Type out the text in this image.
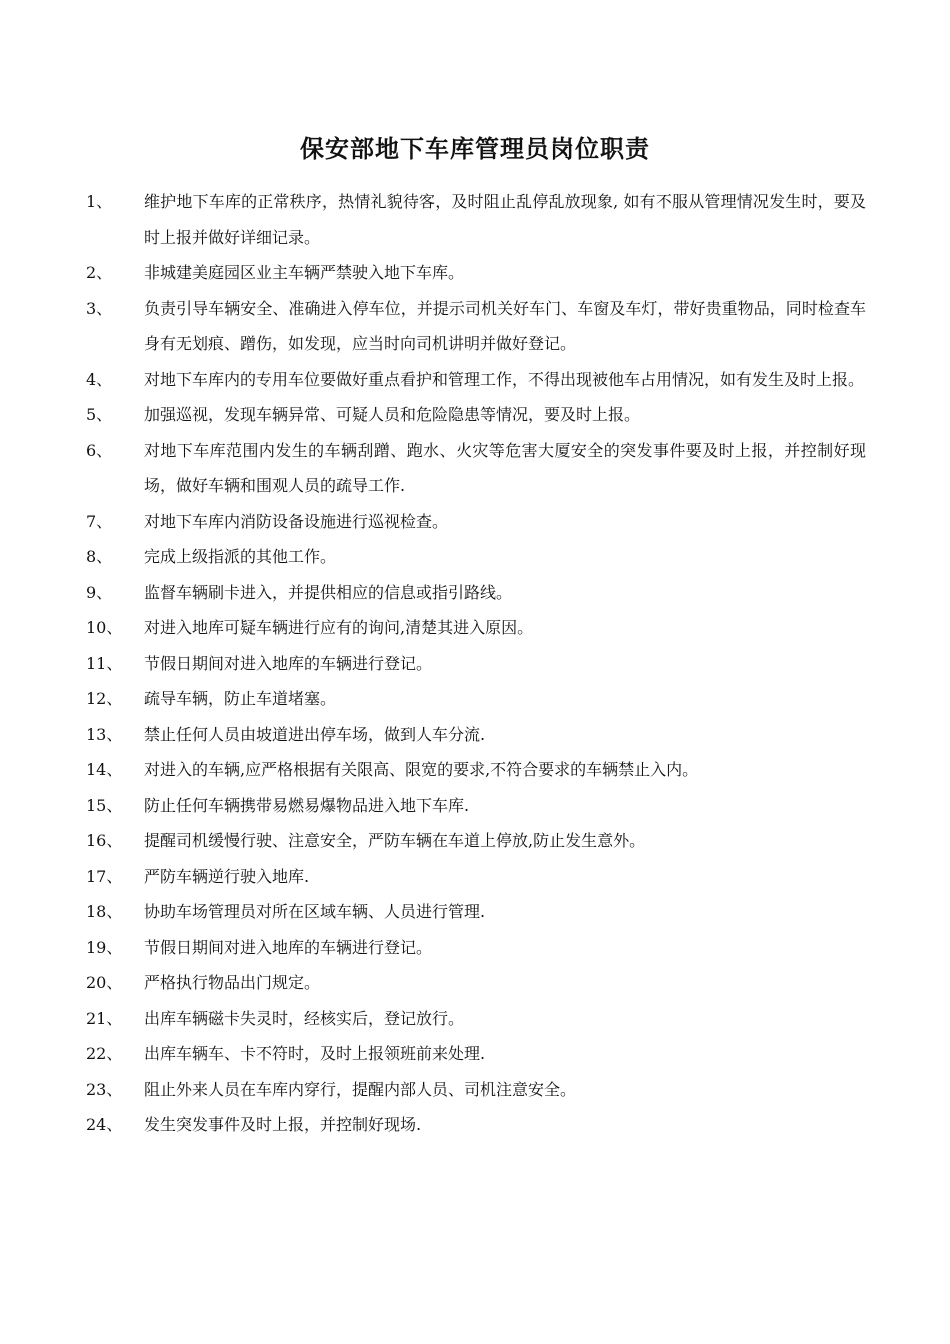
保安部地下车库管理员岗位职责
1、	维护地下车库的正常秩序，热情礼貌待客，及时阻止乱停乱放现象, 如有不服从管理情况发生时，要及时上报并做好详细记录。
2、	非城建美庭园区业主车辆严禁驶入地下车库。
3、	负责引导车辆安全、准确进入停车位，并提示司机关好车门、车窗及车灯，带好贵重物品，同时检查车身有无划痕、蹭伤，如发现，应当时向司机讲明并做好登记。
4、	对地下车库内的专用车位要做好重点看护和管理工作，不得出现被他车占用情况，如有发生及时上报。
5、	加强巡视，发现车辆异常、可疑人员和危险隐患等情况，要及时上报。
6、	对地下车库范围内发生的车辆刮蹭、跑水、火灾等危害大厦安全的突发事件要及时上报，并控制好现场，做好车辆和围观人员的疏导工作.
7、	对地下车库内消防设备设施进行巡视检查。
8、	完成上级指派的其他工作。
9、	监督车辆刷卡进入，并提供相应的信息或指引路线。
10、	对进入地库可疑车辆进行应有的询问,清楚其进入原因。
11、	节假日期间对进入地库的车辆进行登记。
12、	疏导车辆，防止车道堵塞。
13、	禁止任何人员由坡道进出停车场，做到人车分流.
14、	对进入的车辆,应严格根据有关限高、限宽的要求,不符合要求的车辆禁止入内。
15、	防止任何车辆携带易燃易爆物品进入地下车库.
16、	提醒司机缓慢行驶、注意安全，严防车辆在车道上停放,防止发生意外。
17、	严防车辆逆行驶入地库.
18、	协助车场管理员对所在区域车辆、人员进行管理.
19、	节假日期间对进入地库的车辆进行登记。
20、	严格执行物品出门规定。
21、	出库车辆磁卡失灵时，经核实后，登记放行。
22、	出库车辆车、卡不符时，及时上报领班前来处理.
23、	阻止外来人员在车库内穿行，提醒内部人员、司机注意安全。
24、	发生突发事件及时上报，并控制好现场.
